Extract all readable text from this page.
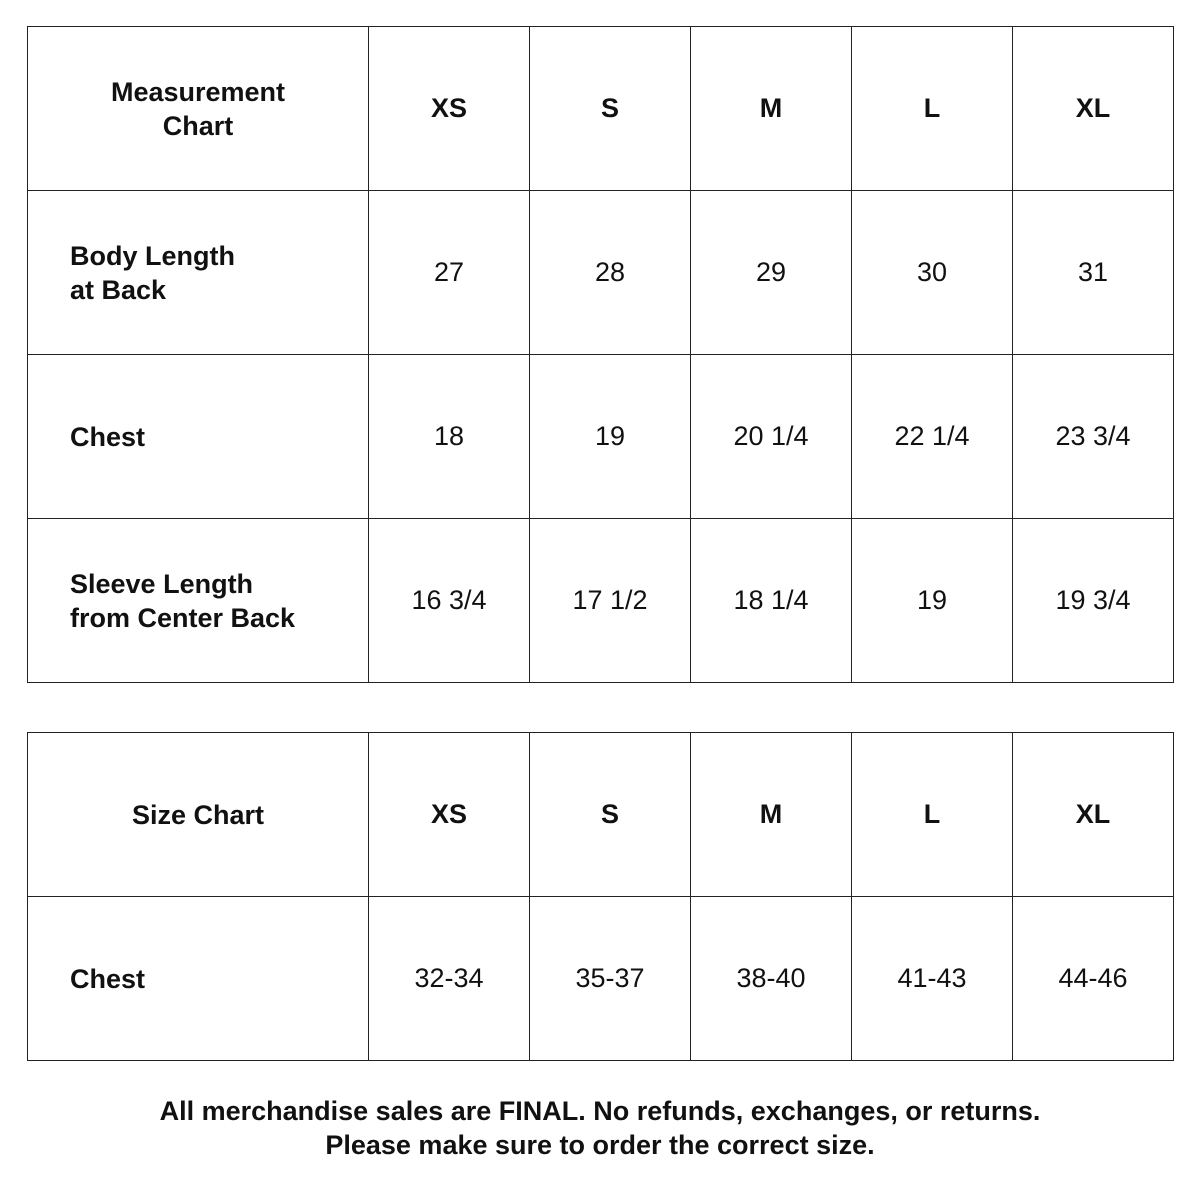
Measurement
Chart	XS	S	M	L	XL
Body Length
at Back	27	28	29	30	31
Chest	18	19	20 1/4	22 1/4	23 3/4
Sleeve Length
from Center Back	16 3/4	17 1/2	18 1/4	19	19 3/4
Size Chart	XS	S	M	L	XL
Chest	32-34	35-37	38-40	41-43	44-46
All merchandise sales are FINAL. No refunds, exchanges, or returns.
Please make sure to order the correct size.
